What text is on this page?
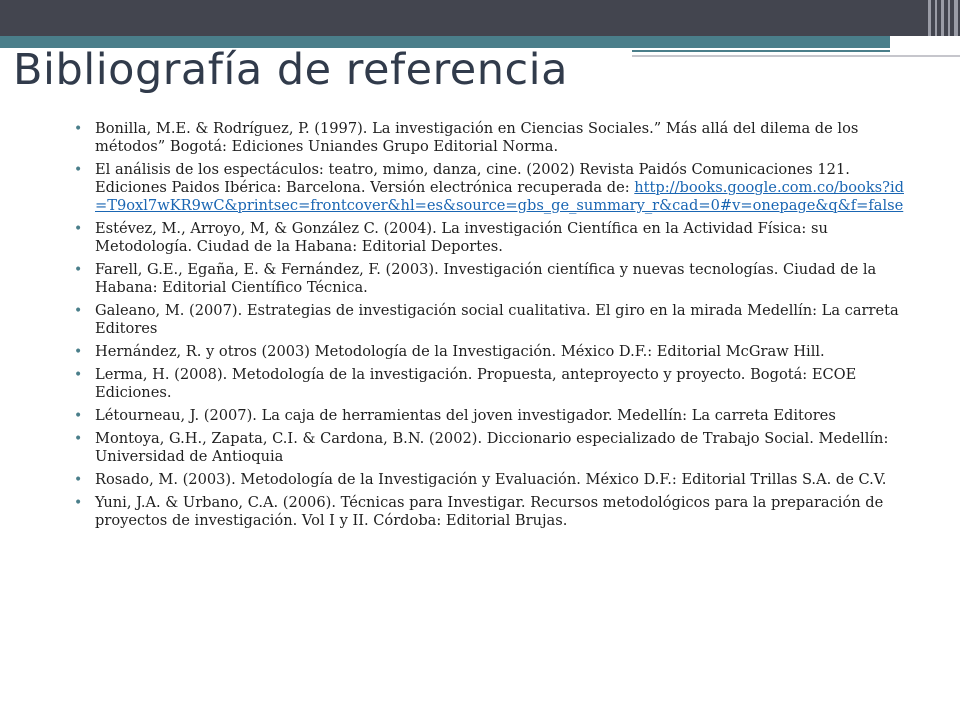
Bibliografía de referencia
• Bonilla, M.E. & Rodríguez, P. (1997). La investigación en Ciencias Sociales.” Más allá del dilema de los métodos” Bogotá: Ediciones Uniandes Grupo Editorial Norma.
• El análisis de los espectáculos: teatro, mimo, danza, cine. (2002) Revista Paidós Comunicaciones 121. Ediciones Paidos Ibérica: Barcelona. Versión electrónica recuperada de: http://books.google.com.co/books?id=T9oxl7wKR9wC&printsec=frontcover&hl=es&source=gbs_ge_summary_r&cad=0#v=onepage&q&f=false
• Estévez, M., Arroyo, M, & González C. (2004). La investigación Científica en la Actividad Física: su Metodología. Ciudad de la Habana: Editorial Deportes.
• Farell, G.E., Egaña, E. & Fernández, F. (2003). Investigación científica y nuevas tecnologías. Ciudad de la Habana: Editorial Científico Técnica.
• Galeano, M. (2007). Estrategias de investigación social cualitativa. El giro en la mirada Medellín: La carreta Editores
• Hernández, R. y otros (2003) Metodología de la Investigación. México D.F.: Editorial McGraw Hill.
• Lerma, H. (2008). Metodología de la investigación. Propuesta, anteproyecto y proyecto. Bogotá: ECOE Ediciones.
• Létourneau, J. (2007). La caja de herramientas del joven investigador. Medellín: La carreta Editores
• Montoya, G.H., Zapata, C.I. & Cardona, B.N. (2002). Diccionario especializado de Trabajo Social. Medellín: Universidad de Antioquia
• Rosado, M. (2003). Metodología de la Investigación y Evaluación. México D.F.: Editorial Trillas S.A. de C.V.
• Yuni, J.A. & Urbano, C.A. (2006). Técnicas para Investigar. Recursos metodológicos para la preparación de proyectos de investigación. Vol I y II. Córdoba: Editorial Brujas.
